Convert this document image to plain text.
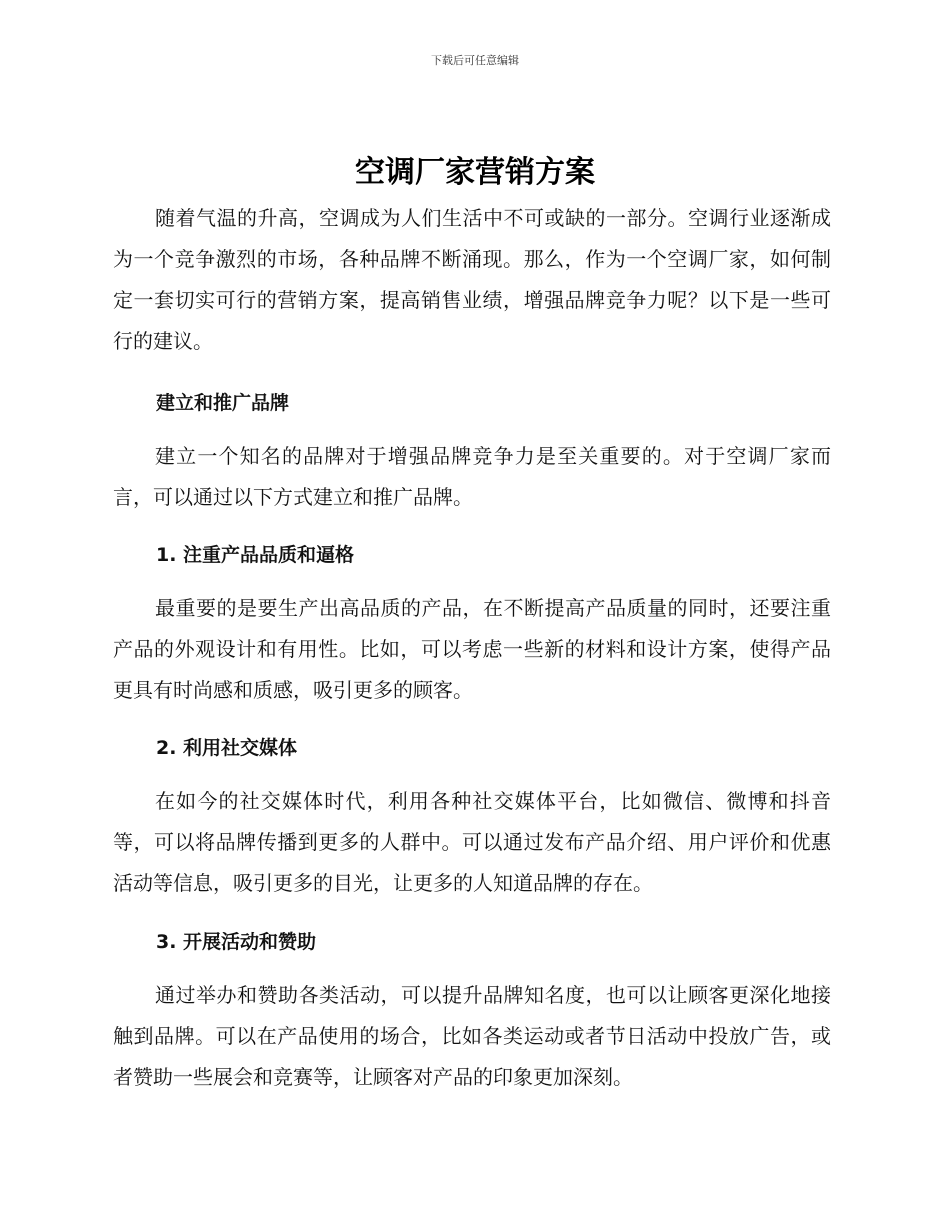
下载后可任意编辑
空调厂家营销方案

随着气温的升高，空调成为人们生活中不可或缺的一部分。空调行业逐渐成为一个竞争激烈的市场，各种品牌不断涌现。那么，作为一个空调厂家，如何制定一套切实可行的营销方案，提高销售业绩，增强品牌竞争力呢？以下是一些可行的建议。

建立和推广品牌

建立一个知名的品牌对于增强品牌竞争力是至关重要的。对于空调厂家而言，可以通过以下方式建立和推广品牌。

1. 注重产品品质和逼格

最重要的是要生产出高品质的产品，在不断提高产品质量的同时，还要注重产品的外观设计和有用性。比如，可以考虑一些新的材料和设计方案，使得产品更具有时尚感和质感，吸引更多的顾客。

2. 利用社交媒体

在如今的社交媒体时代，利用各种社交媒体平台，比如微信、微博和抖音等，可以将品牌传播到更多的人群中。可以通过发布产品介绍、用户评价和优惠活动等信息，吸引更多的目光，让更多的人知道品牌的存在。

3. 开展活动和赞助

通过举办和赞助各类活动，可以提升品牌知名度，也可以让顾客更深化地接触到品牌。可以在产品使用的场合，比如各类运动或者节日活动中投放广告，或者赞助一些展会和竞赛等，让顾客对产品的印象更加深刻。
